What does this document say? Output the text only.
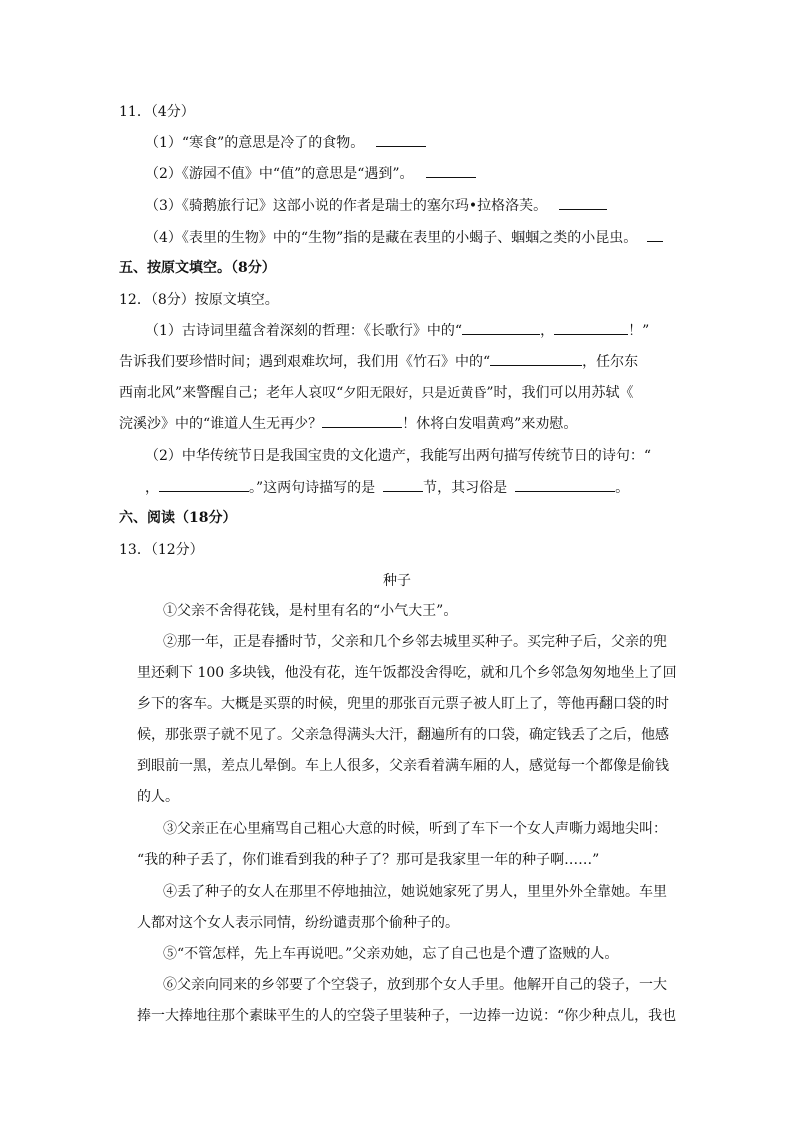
11．（4分）
（1）“寒食”的意思是冷了的食物。
（2）《游园不值》中“值”的意思是“遇到”。
（3）《骑鹅旅行记》这部小说的作者是瑞士的塞尔玛•拉格洛芙。
（4）《表里的生物》中的“生物”指的是藏在表里的小蝎子、蝈蝈之类的小昆虫。
五、按原文填空。（8分）
12．（8分）按原文填空。
（1）古诗词里蕴含着深刻的哲理：《长歌行》中的“	，	！”
告诉我们要珍惜时间；遇到艰难坎坷，我们用《竹石》中的“	，任尔东
西南北风”来警醒自己；老年人哀叹“夕阳无限好，只是近黄昏”时，我们可以用苏轼《
浣溪沙》中的“谁道人生无再少？	！休将白发唱黄鸡”来劝慰。
（2）中华传统节日是我国宝贵的文化遗产，我能写出两句描写传统节日的诗句：“
，	。”这两句诗描写的是	节，其习俗是	。
六、阅读（18分）
13．（12分）
种子
①父亲不舍得花钱，是村里有名的“小气大王”。
②那一年，正是春播时节，父亲和几个乡邻去城里买种子。买完种子后，父亲的兜
里还剩下 100 多块钱，他没有花，连午饭都没舍得吃，就和几个乡邻急匆匆地坐上了回
乡下的客车。大概是买票的时候，兜里的那张百元票子被人盯上了，等他再翻口袋的时
候，那张票子就不见了。父亲急得满头大汗，翻遍所有的口袋，确定钱丢了之后，他感
到眼前一黑，差点儿晕倒。车上人很多，父亲看着满车厢的人，感觉每一个都像是偷钱
的人。
③父亲正在心里痛骂自己粗心大意的时候，听到了车下一个女人声嘶力竭地尖叫：
“我的种子丢了，你们谁看到我的种子了？那可是我家里一年的种子啊……”
④丢了种子的女人在那里不停地抽泣，她说她家死了男人，里里外外全靠她。车里
人都对这个女人表示同情，纷纷谴责那个偷种子的。
⑤“不管怎样，先上车再说吧。”父亲劝她，忘了自己也是个遭了盗贼的人。
⑥父亲向同来的乡邻要了个空袋子，放到那个女人手里。他解开自己的袋子，一大
捧一大捧地往那个素昧平生的人的空袋子里装种子，一边捧一边说：“你少种点儿，我也
